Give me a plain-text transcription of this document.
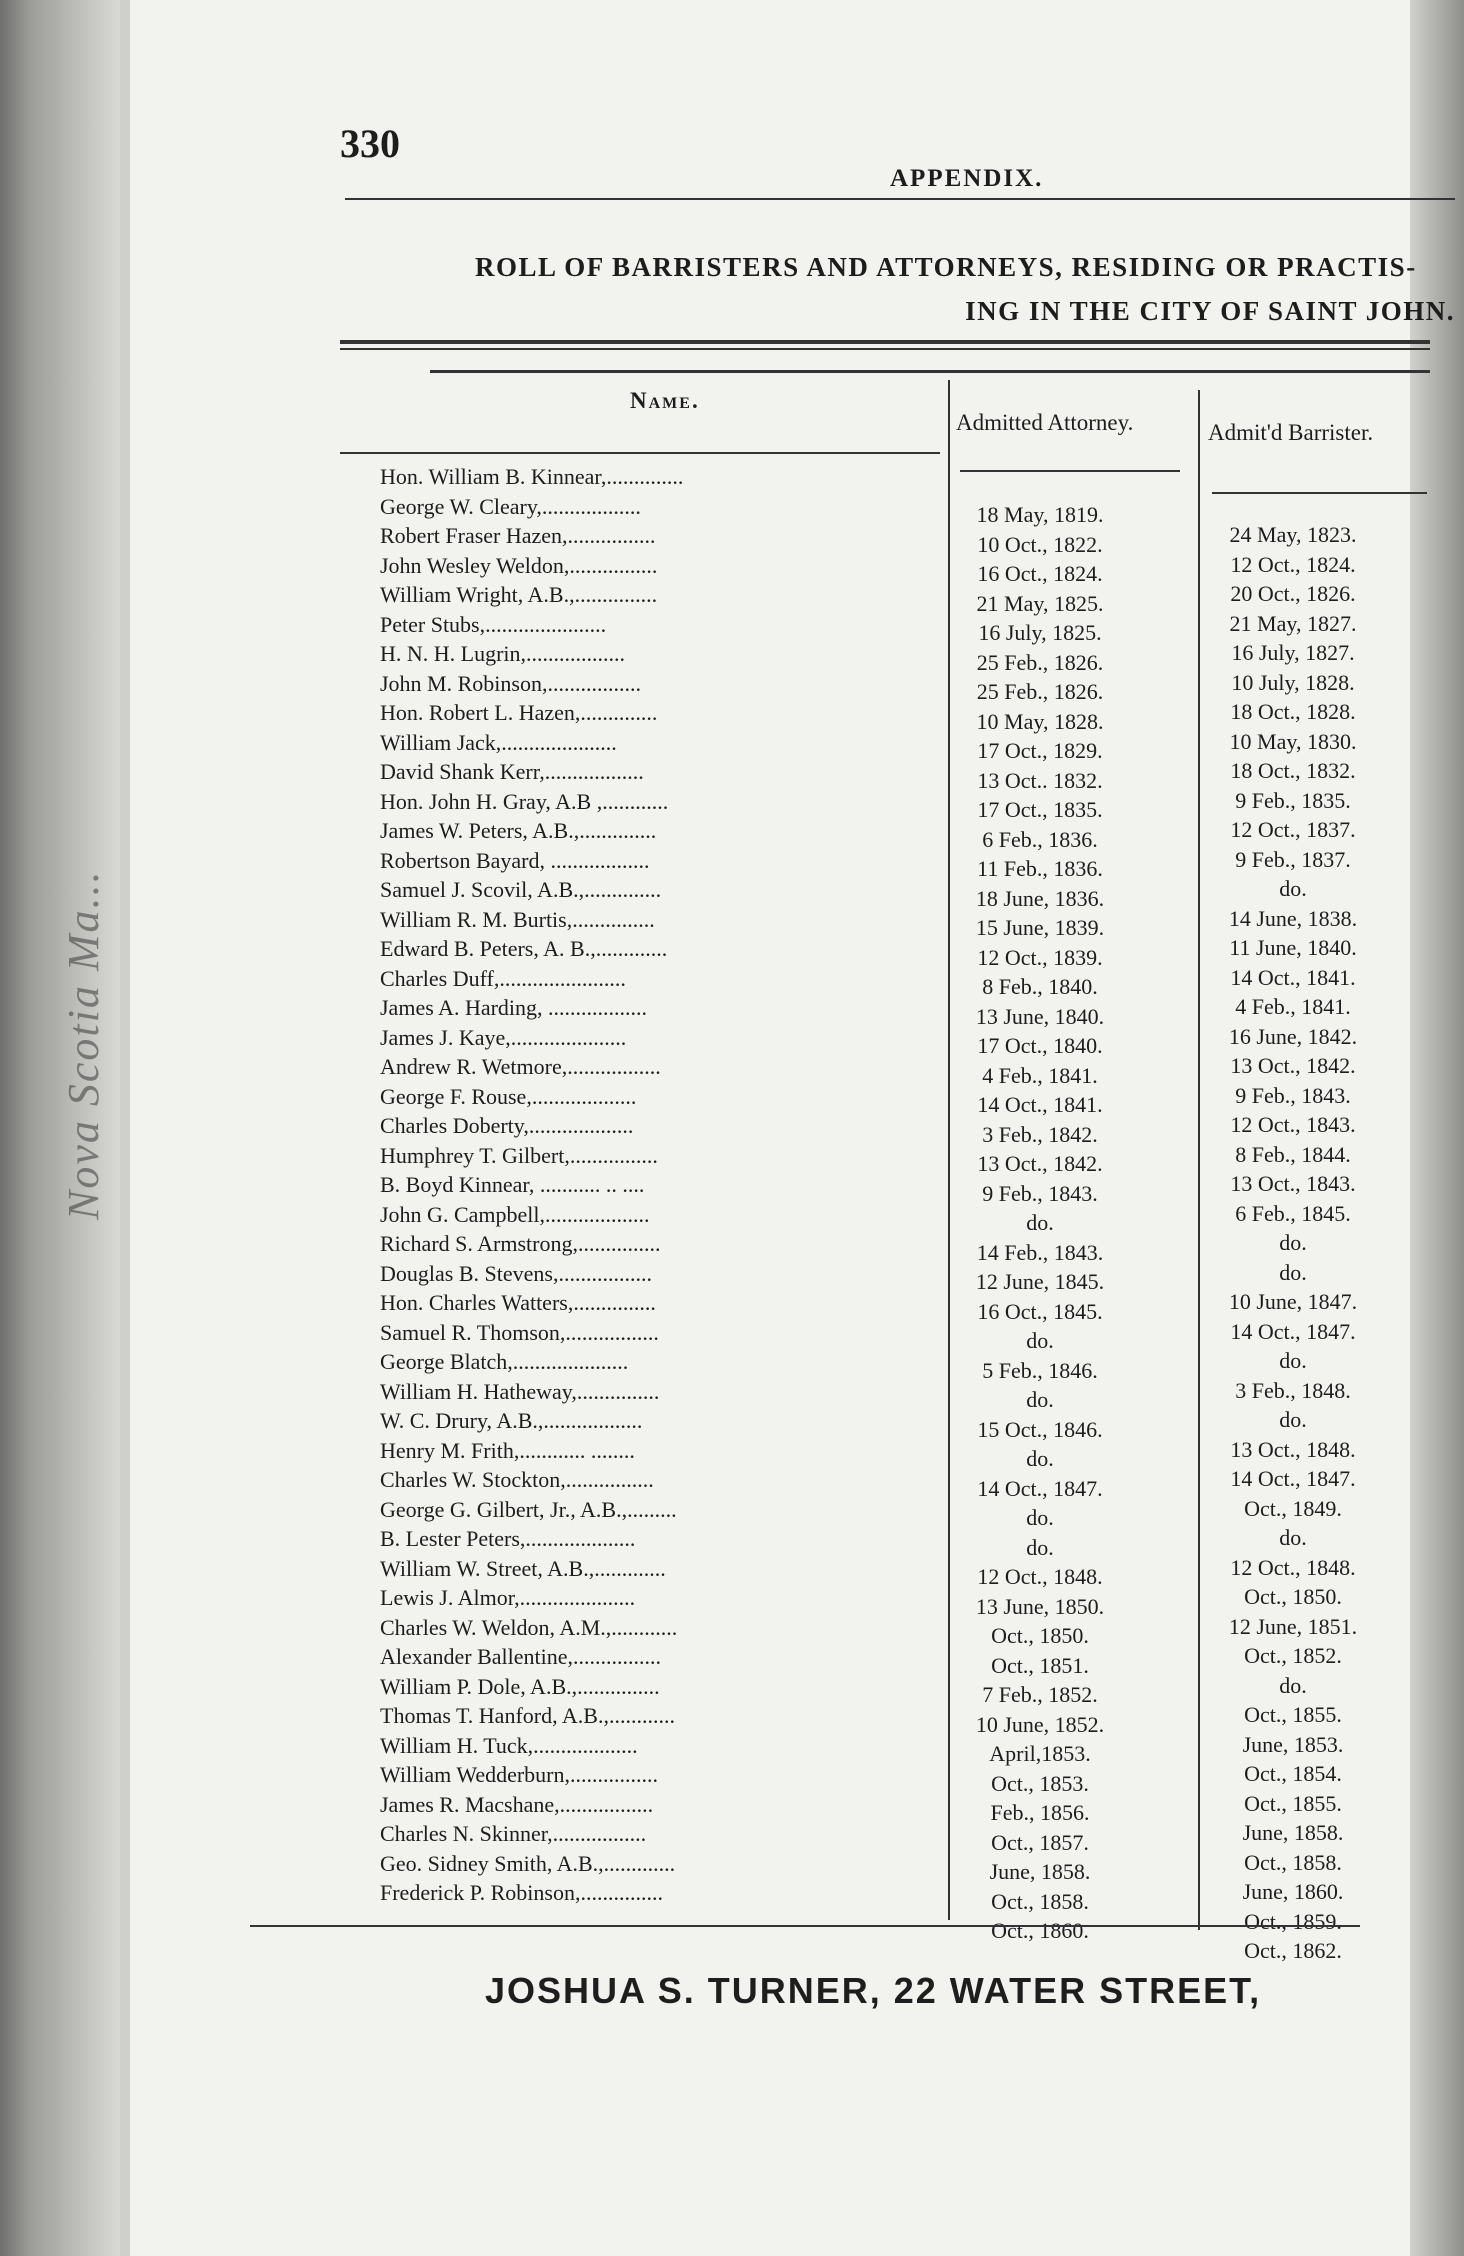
Nova Scotia Ma...
330
APPENDIX.
ROLL OF BARRISTERS AND ATTORNEYS, RESIDING OR PRACTIS-
ING IN THE CITY OF SAINT JOHN.
Name.
Admitted Attorney.	Admit'd Barrister.
Hon. William B. Kinnear,..............
George W. Cleary,..................
Robert Fraser Hazen,................
John Wesley Weldon,................
William Wright, A.B.,...............
Peter Stubs,......................
H. N. H. Lugrin,..................
John M. Robinson,.................
Hon. Robert L. Hazen,..............
William Jack,.....................
David Shank Kerr,..................
Hon. John H. Gray, A.B ,............
James W. Peters, A.B.,..............
Robertson Bayard, ..................
Samuel J. Scovil, A.B.,..............
William R. M. Burtis,...............
Edward B. Peters, A. B.,.............
Charles Duff,.......................
James A. Harding, ..................
James J. Kaye,.....................
Andrew R. Wetmore,.................
George F. Rouse,...................
Charles Doberty,...................
Humphrey T. Gilbert,................
B. Boyd Kinnear, ........... .. ....
John G. Campbell,...................
Richard S. Armstrong,...............
Douglas B. Stevens,.................
Hon. Charles Watters,...............
Samuel R. Thomson,.................
George Blatch,.....................
William H. Hatheway,...............
W. C. Drury, A.B.,..................
Henry M. Frith,............ ........
Charles W. Stockton,................
George G. Gilbert, Jr., A.B.,.........
B. Lester Peters,....................
William W. Street, A.B.,.............
Lewis J. Almor,.....................
Charles W. Weldon, A.M.,............
Alexander Ballentine,................
William P. Dole, A.B.,...............
Thomas T. Hanford, A.B.,............
William H. Tuck,...................
William Wedderburn,................
James R. Macshane,.................
Charles N. Skinner,.................
Geo. Sidney Smith, A.B.,.............
Frederick P. Robinson,...............
18 May, 1819.
10 Oct., 1822.
16 Oct., 1824.
21 May, 1825.
16 July, 1825.
25 Feb., 1826.
25 Feb., 1826.
10 May, 1828.
17 Oct., 1829.
13 Oct.. 1832.
17 Oct., 1835.
6 Feb., 1836.
11 Feb., 1836.
18 June, 1836.
15 June, 1839.
12 Oct., 1839.
8 Feb., 1840.
13 June, 1840.
17 Oct., 1840.
4 Feb., 1841.
14 Oct., 1841.
3 Feb., 1842.
13 Oct., 1842.
9 Feb., 1843.
do.
14 Feb., 1843.
12 June, 1845.
16 Oct., 1845.
do.
5 Feb., 1846.
do.
15 Oct., 1846.
do.
14 Oct., 1847.
do.
do.
12 Oct., 1848.
13 June, 1850.
Oct., 1850.
Oct., 1851.
7 Feb., 1852.
10 June, 1852.
April,1853.
Oct., 1853.
Feb., 1856.
Oct., 1857.
June, 1858.
Oct., 1858.
Oct., 1860.
24 May, 1823.
12 Oct., 1824.
20 Oct., 1826.
21 May, 1827.
16 July, 1827.
10 July, 1828.
18 Oct., 1828.
10 May, 1830.
18 Oct., 1832.
9 Feb., 1835.
12 Oct., 1837.
9 Feb., 1837.
do.
14 June, 1838.
11 June, 1840.
14 Oct., 1841.
4 Feb., 1841.
16 June, 1842.
13 Oct., 1842.
9 Feb., 1843.
12 Oct., 1843.
8 Feb., 1844.
13 Oct., 1843.
6 Feb., 1845.
do.
do.
10 June, 1847.
14 Oct., 1847.
do.
3 Feb., 1848.
do.
13 Oct., 1848.
14 Oct., 1847.
Oct., 1849.
do.
12 Oct., 1848.
Oct., 1850.
12 June, 1851.
Oct., 1852.
do.
Oct., 1855.
June, 1853.
Oct., 1854.
Oct., 1855.
June, 1858.
Oct., 1858.
June, 1860.
Oct., 1859.
Oct., 1862.
JOSHUA S. TURNER, 22 WATER STREET,
